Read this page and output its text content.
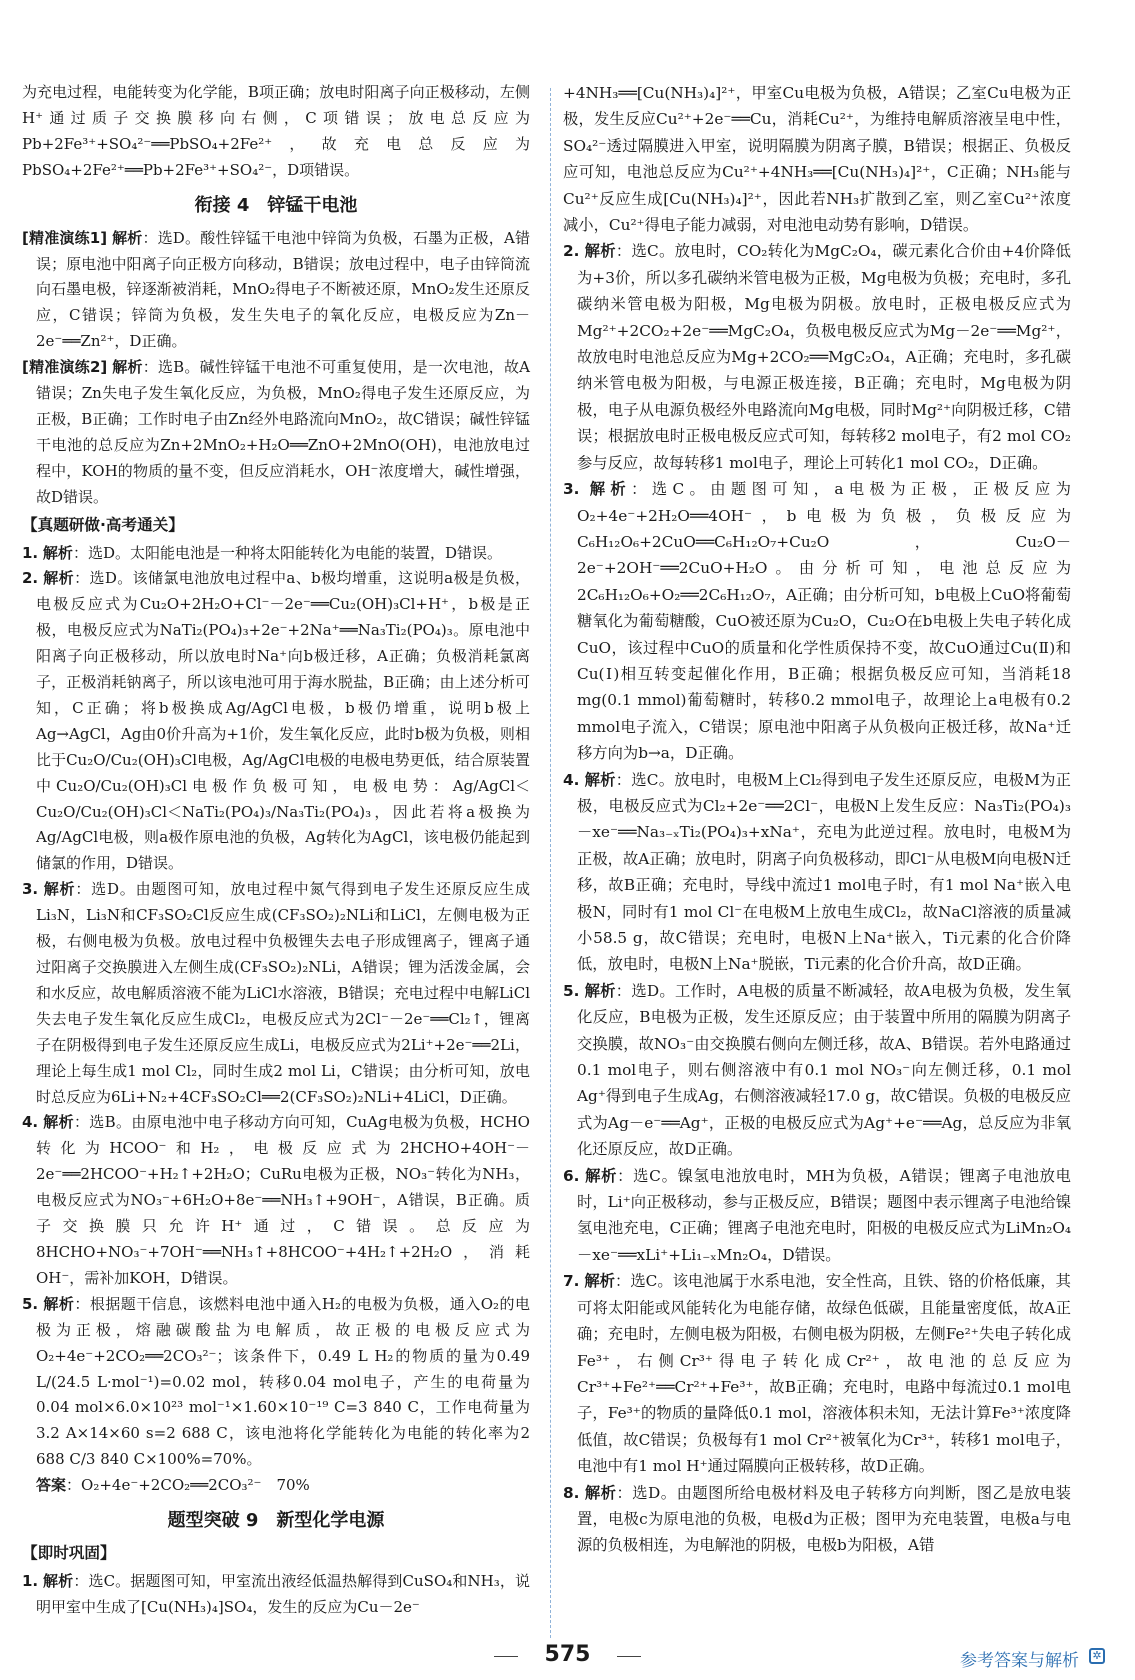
为充电过程，电能转变为化学能，B项正确；放电时阳离子向正极移动，左侧H⁺通过质子交换膜移向右侧，C项错误；放电总反应为Pb+2Fe³⁺+SO₄²⁻══PbSO₄+2Fe²⁺，故充电总反应为PbSO₄+2Fe²⁺══Pb+2Fe³⁺+SO₄²⁻，D项错误。

衔接 4　锌锰干电池

[精准演练1] 解析：选D。酸性锌锰干电池中锌筒为负极，石墨为正极，A错误；原电池中阳离子向正极方向移动，B错误；放电过程中，电子由锌筒流向石墨电极，锌逐渐被消耗，MnO₂得电子不断被还原，MnO₂发生还原反应，C错误；锌筒为负极，发生失电子的氧化反应，电极反应为Zn－2e⁻══Zn²⁺，D正确。

[精准演练2] 解析：选B。碱性锌锰干电池不可重复使用，是一次电池，故A错误；Zn失电子发生氧化反应，为负极，MnO₂得电子发生还原反应，为正极，B正确；工作时电子由Zn经外电路流向MnO₂，故C错误；碱性锌锰干电池的总反应为Zn+2MnO₂+H₂O══ZnO+2MnO(OH)，电池放电过程中，KOH的物质的量不变，但反应消耗水，OH⁻浓度增大，碱性增强，故D错误。

【真题研做·高考通关】

1. 解析：选D。太阳能电池是一种将太阳能转化为电能的装置，D错误。

2. 解析：选D。该储氯电池放电过程中a、b极均增重，这说明a极是负极，电极反应式为Cu₂O+2H₂O+Cl⁻－2e⁻══Cu₂(OH)₃Cl+H⁺，b极是正极，电极反应式为NaTi₂(PO₄)₃+2e⁻+2Na⁺══Na₃Ti₂(PO₄)₃。原电池中阳离子向正极移动，所以放电时Na⁺向b极迁移，A正确；负极消耗氯离子，正极消耗钠离子，所以该电池可用于海水脱盐，B正确；由上述分析可知，C正确；将b极换成Ag/AgCl电极，b极仍增重，说明b极上Ag→AgCl，Ag由0价升高为+1价，发生氧化反应，此时b极为负极，则相比于Cu₂O/Cu₂(OH)₃Cl电极，Ag/AgCl电极的电极电势更低，结合原装置中Cu₂O/Cu₂(OH)₃Cl电极作负极可知，电极电势：Ag/AgCl＜Cu₂O/Cu₂(OH)₃Cl＜NaTi₂(PO₄)₃/Na₃Ti₂(PO₄)₃，因此若将a极换为Ag/AgCl电极，则a极作原电池的负极，Ag转化为AgCl，该电极仍能起到储氯的作用，D错误。

3. 解析：选D。由题图可知，放电过程中氮气得到电子发生还原反应生成Li₃N，Li₃N和CF₃SO₂Cl反应生成(CF₃SO₂)₂NLi和LiCl，左侧电极为正极，右侧电极为负极。放电过程中负极锂失去电子形成锂离子，锂离子通过阳离子交换膜进入左侧生成(CF₃SO₂)₂NLi，A错误；锂为活泼金属，会和水反应，故电解质溶液不能为LiCl水溶液，B错误；充电过程中电解LiCl失去电子发生氧化反应生成Cl₂，电极反应式为2Cl⁻－2e⁻══Cl₂↑，锂离子在阴极得到电子发生还原反应生成Li，电极反应式为2Li⁺+2e⁻══2Li，理论上每生成1 mol Cl₂，同时生成2 mol Li，C错误；由分析可知，放电时总反应为6Li+N₂+4CF₃SO₂Cl══2(CF₃SO₂)₂NLi+4LiCl，D正确。

4. 解析：选B。由原电池中电子移动方向可知，CuAg电极为负极，HCHO转化为HCOO⁻和H₂，电极反应式为2HCHO+4OH⁻－2e⁻══2HCOO⁻+H₂↑+2H₂O；CuRu电极为正极，NO₃⁻转化为NH₃，电极反应式为NO₃⁻+6H₂O+8e⁻══NH₃↑+9OH⁻，A错误，B正确。质子交换膜只允许H⁺通过，C错误。总反应为8HCHO+NO₃⁻+7OH⁻══NH₃↑+8HCOO⁻+4H₂↑+2H₂O，消耗OH⁻，需补加KOH，D错误。

5. 解析：根据题干信息，该燃料电池中通入H₂的电极为负极，通入O₂的电极为正极，熔融碳酸盐为电解质，故正极的电极反应式为O₂+4e⁻+2CO₂══2CO₃²⁻；该条件下，0.49 L H₂的物质的量为0.49 L/(24.5 L·mol⁻¹)=0.02 mol，转移0.04 mol电子，产生的电荷量为0.04 mol×6.0×10²³ mol⁻¹×1.60×10⁻¹⁹ C=3 840 C，工作电荷量为3.2 A×14×60 s=2 688 C，该电池将化学能转化为电能的转化率为2 688 C/3 840 C×100%=70%。

答案：O₂+4e⁻+2CO₂══2CO₃²⁻　70%

题型突破 9　新型化学电源
【即时巩固】

1. 解析：选C。据题图可知，甲室流出液经低温热解得到CuSO₄和NH₃，说明甲室中生成了[Cu(NH₃)₄]SO₄，发生的反应为Cu－2e⁻

+4NH₃══[Cu(NH₃)₄]²⁺，甲室Cu电极为负极，A错误；乙室Cu电极为正极，发生反应Cu²⁺+2e⁻══Cu，消耗Cu²⁺，为维持电解质溶液呈电中性，SO₄²⁻透过隔膜进入甲室，说明隔膜为阴离子膜，B错误；根据正、负极反应可知，电池总反应为Cu²⁺+4NH₃══[Cu(NH₃)₄]²⁺，C正确；NH₃能与Cu²⁺反应生成[Cu(NH₃)₄]²⁺，因此若NH₃扩散到乙室，则乙室Cu²⁺浓度减小，Cu²⁺得电子能力减弱，对电池电动势有影响，D错误。

2. 解析：选C。放电时，CO₂转化为MgC₂O₄，碳元素化合价由+4价降低为+3价，所以多孔碳纳米管电极为正极，Mg电极为负极；充电时，多孔碳纳米管电极为阳极，Mg电极为阴极。放电时，正极电极反应式为Mg²⁺+2CO₂+2e⁻══MgC₂O₄，负极电极反应式为Mg－2e⁻══Mg²⁺，故放电时电池总反应为Mg+2CO₂══MgC₂O₄，A正确；充电时，多孔碳纳米管电极为阳极，与电源正极连接，B正确；充电时，Mg电极为阴极，电子从电源负极经外电路流向Mg电极，同时Mg²⁺向阴极迁移，C错误；根据放电时正极电极反应式可知，每转移2 mol电子，有2 mol CO₂参与反应，故每转移1 mol电子，理论上可转化1 mol CO₂，D正确。

3. 解析：选C。由题图可知，a电极为正极，正极反应为O₂+4e⁻+2H₂O══4OH⁻，b电极为负极，负极反应为C₆H₁₂O₆+2CuO══C₆H₁₂O₇+Cu₂O，Cu₂O－2e⁻+2OH⁻══2CuO+H₂O。由分析可知，电池总反应为2C₆H₁₂O₆+O₂══2C₆H₁₂O₇，A正确；由分析可知，b电极上CuO将葡萄糖氧化为葡萄糖酸，CuO被还原为Cu₂O，Cu₂O在b电极上失电子转化成CuO，该过程中CuO的质量和化学性质保持不变，故CuO通过Cu(Ⅱ)和Cu(Ⅰ)相互转变起催化作用，B正确；根据负极反应可知，当消耗18 mg(0.1 mmol)葡萄糖时，转移0.2 mmol电子，故理论上a电极有0.2 mmol电子流入，C错误；原电池中阳离子从负极向正极迁移，故Na⁺迁移方向为b→a，D正确。

4. 解析：选C。放电时，电极M上Cl₂得到电子发生还原反应，电极M为正极，电极反应式为Cl₂+2e⁻══2Cl⁻，电极N上发生反应：Na₃Ti₂(PO₄)₃－xe⁻══Na₃₋ₓTi₂(PO₄)₃+xNa⁺，充电为此逆过程。放电时，电极M为正极，故A正确；放电时，阴离子向负极移动，即Cl⁻从电极M向电极N迁移，故B正确；充电时，导线中流过1 mol电子时，有1 mol Na⁺嵌入电极N，同时有1 mol Cl⁻在电极M上放电生成Cl₂，故NaCl溶液的质量减小58.5 g，故C错误；充电时，电极N上Na⁺嵌入，Ti元素的化合价降低，放电时，电极N上Na⁺脱嵌，Ti元素的化合价升高，故D正确。

5. 解析：选D。工作时，A电极的质量不断减轻，故A电极为负极，发生氧化反应，B电极为正极，发生还原反应；由于装置中所用的隔膜为阴离子交换膜，故NO₃⁻由交换膜右侧向左侧迁移，故A、B错误。若外电路通过0.1 mol电子，则右侧溶液中有0.1 mol NO₃⁻向左侧迁移，0.1 mol Ag⁺得到电子生成Ag，右侧溶液减轻17.0 g，故C错误。负极的电极反应式为Ag－e⁻══Ag⁺，正极的电极反应式为Ag⁺+e⁻══Ag，总反应为非氧化还原反应，故D正确。

6. 解析：选C。镍氢电池放电时，MH为负极，A错误；锂离子电池放电时，Li⁺向正极移动，参与正极反应，B错误；题图中表示锂离子电池给镍氢电池充电，C正确；锂离子电池充电时，阳极的电极反应式为LiMn₂O₄－xe⁻══xLi⁺+Li₁₋ₓMn₂O₄，D错误。

7. 解析：选C。该电池属于水系电池，安全性高，且铁、铬的价格低廉，其可将太阳能或风能转化为电能存储，故绿色低碳，且能量密度低，故A正确；充电时，左侧电极为阳极，右侧电极为阴极，左侧Fe²⁺失电子转化成Fe³⁺，右侧Cr³⁺得电子转化成Cr²⁺，故电池的总反应为Cr³⁺+Fe²⁺══Cr²⁺+Fe³⁺，故B正确；充电时，电路中每流过0.1 mol电子，Fe³⁺的物质的量降低0.1 mol，溶液体积未知，无法计算Fe³⁺浓度降低值，故C错误；负极每有1 mol Cr²⁺被氧化为Cr³⁺，转移1 mol电子，电池中有1 mol H⁺通过隔膜向正极转移，故D正确。

8. 解析：选D。由题图所给电极材料及电子转移方向判断，图乙是放电装置，电极c为原电池的负极，电极d为正极；图甲为充电装置，电极a与电源的负极相连，为电解池的阴极，电极b为阳极，A错

575	参考答案与解析	✲
